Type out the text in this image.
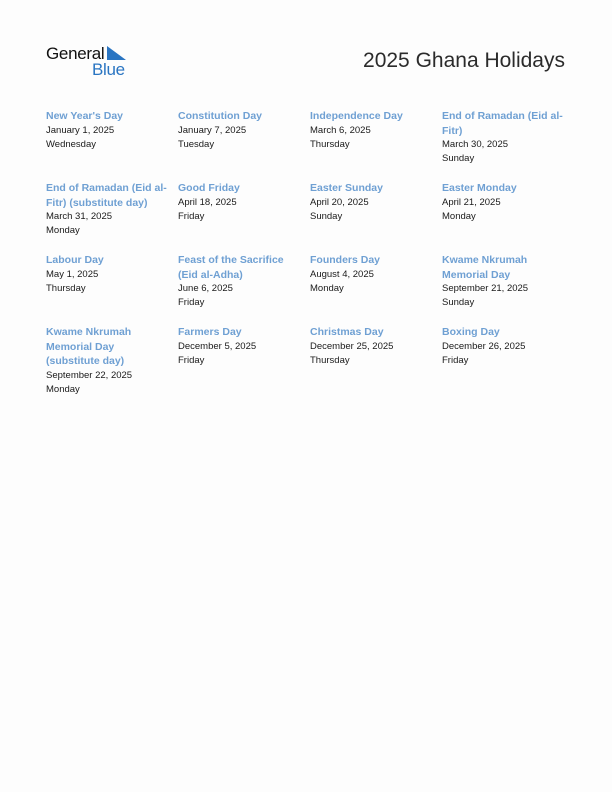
General
Blue	2025 Ghana Holidays
New Year's Day
January 1, 2025
Wednesday
Constitution Day
January 7, 2025
Tuesday
Independence Day
March 6, 2025
Thursday
End of Ramadan (Eid al-Fitr)
March 30, 2025
Sunday
End of Ramadan (Eid al-Fitr) (substitute day)
March 31, 2025
Monday
Good Friday
April 18, 2025
Friday
Easter Sunday
April 20, 2025
Sunday
Easter Monday
April 21, 2025
Monday
Labour Day
May 1, 2025
Thursday
Feast of the Sacrifice (Eid al-Adha)
June 6, 2025
Friday
Founders Day
August 4, 2025
Monday
Kwame Nkrumah Memorial Day
September 21, 2025
Sunday
Kwame Nkrumah Memorial Day (substitute day)
September 22, 2025
Monday
Farmers Day
December 5, 2025
Friday
Christmas Day
December 25, 2025
Thursday
Boxing Day
December 26, 2025
Friday
